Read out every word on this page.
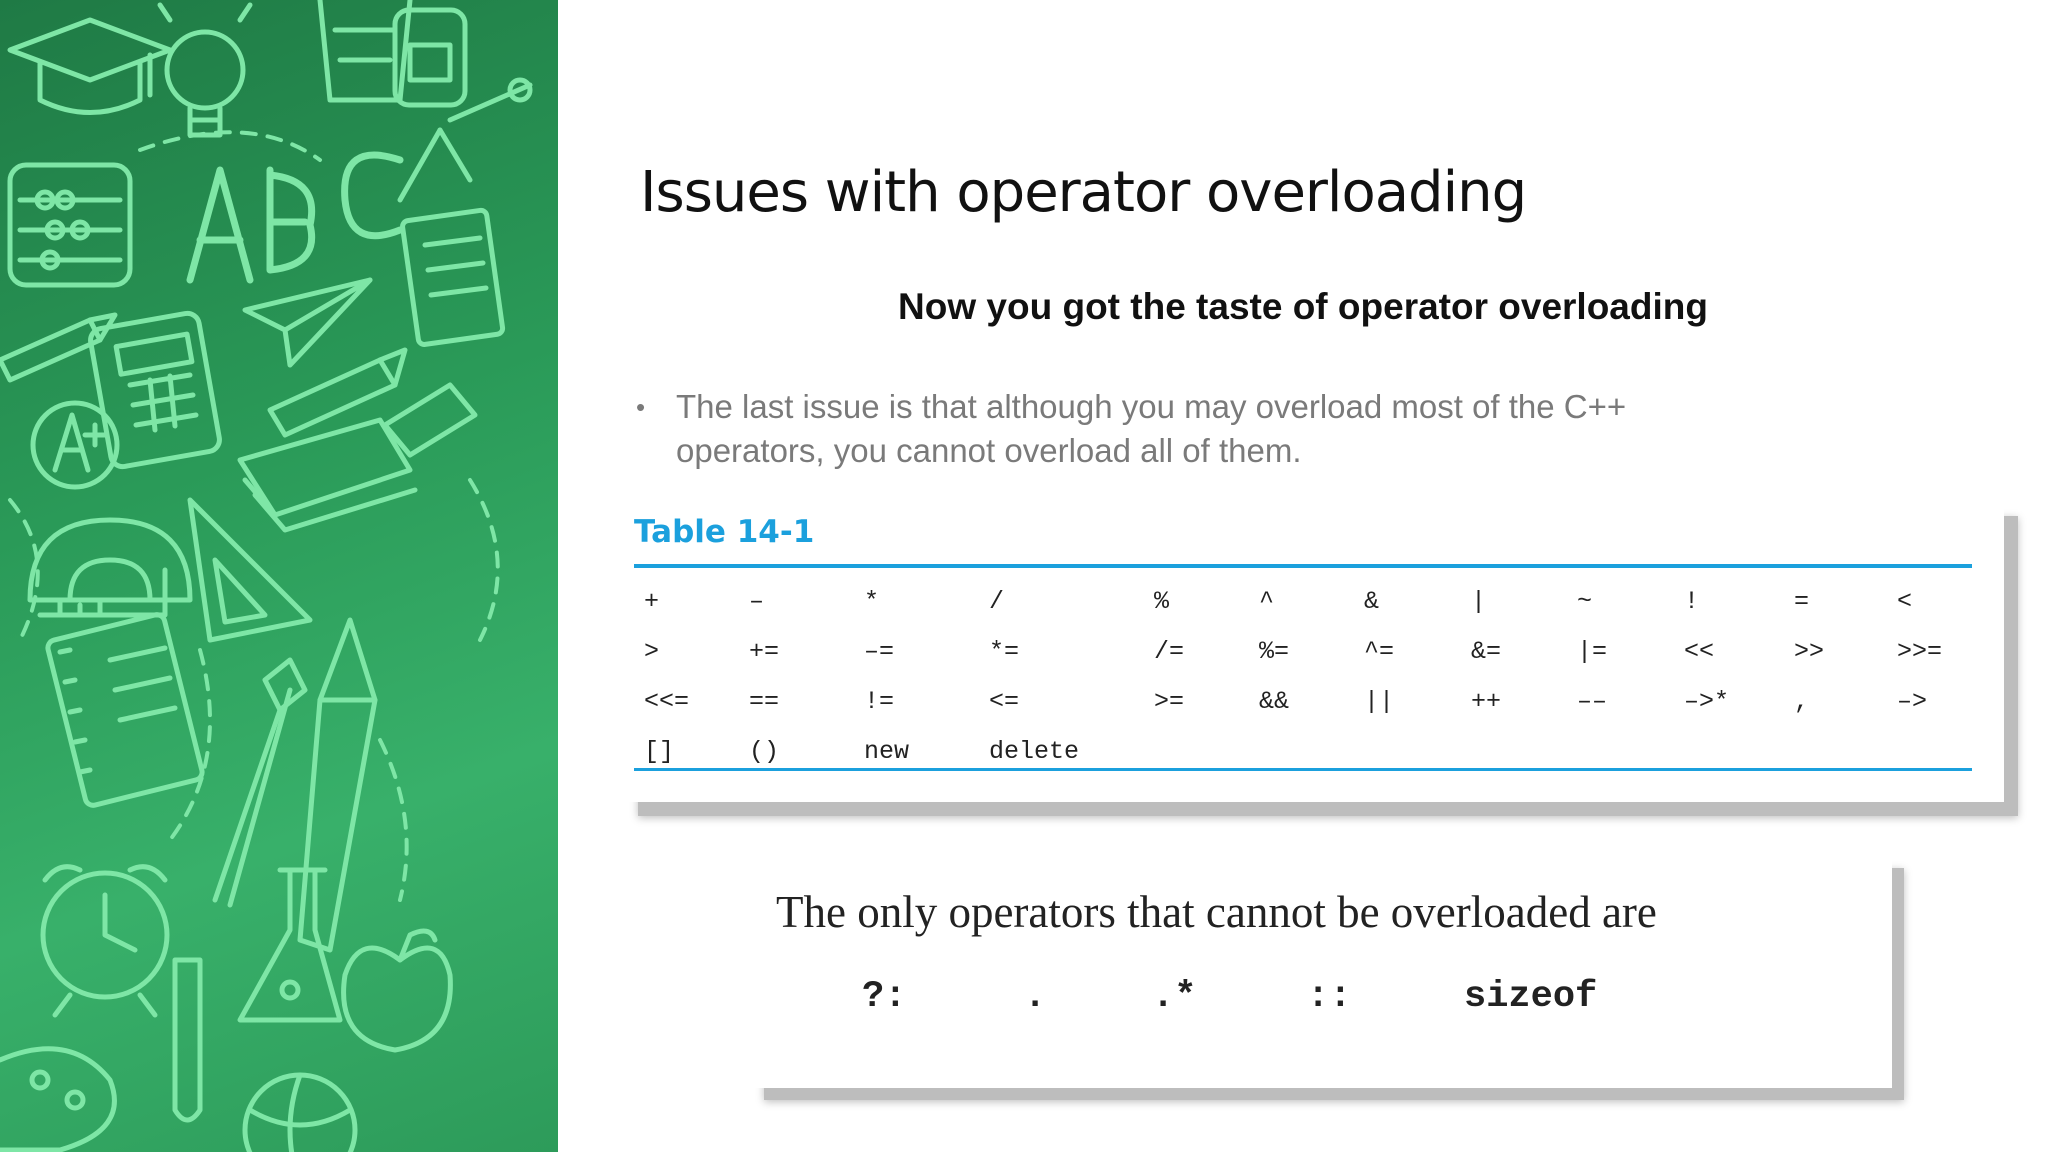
Issues with operator overloading
Now you got the taste of operator overloading
• The last issue is that although you may overload most of the C++ operators, you cannot overload all of them.
Table 14-1
+	–	*	/	%	^	&	|	~	!	=	<
>	+=	–=	*=	/=	%=	^=	&=	|=	<<	>>	>>=
<<=	==	!=	<=	>=	&&	||	++	––	–>*	,	–>
[]	()	new	delete

The only operators that cannot be overloaded are

?:	.	.*	::	sizeof
